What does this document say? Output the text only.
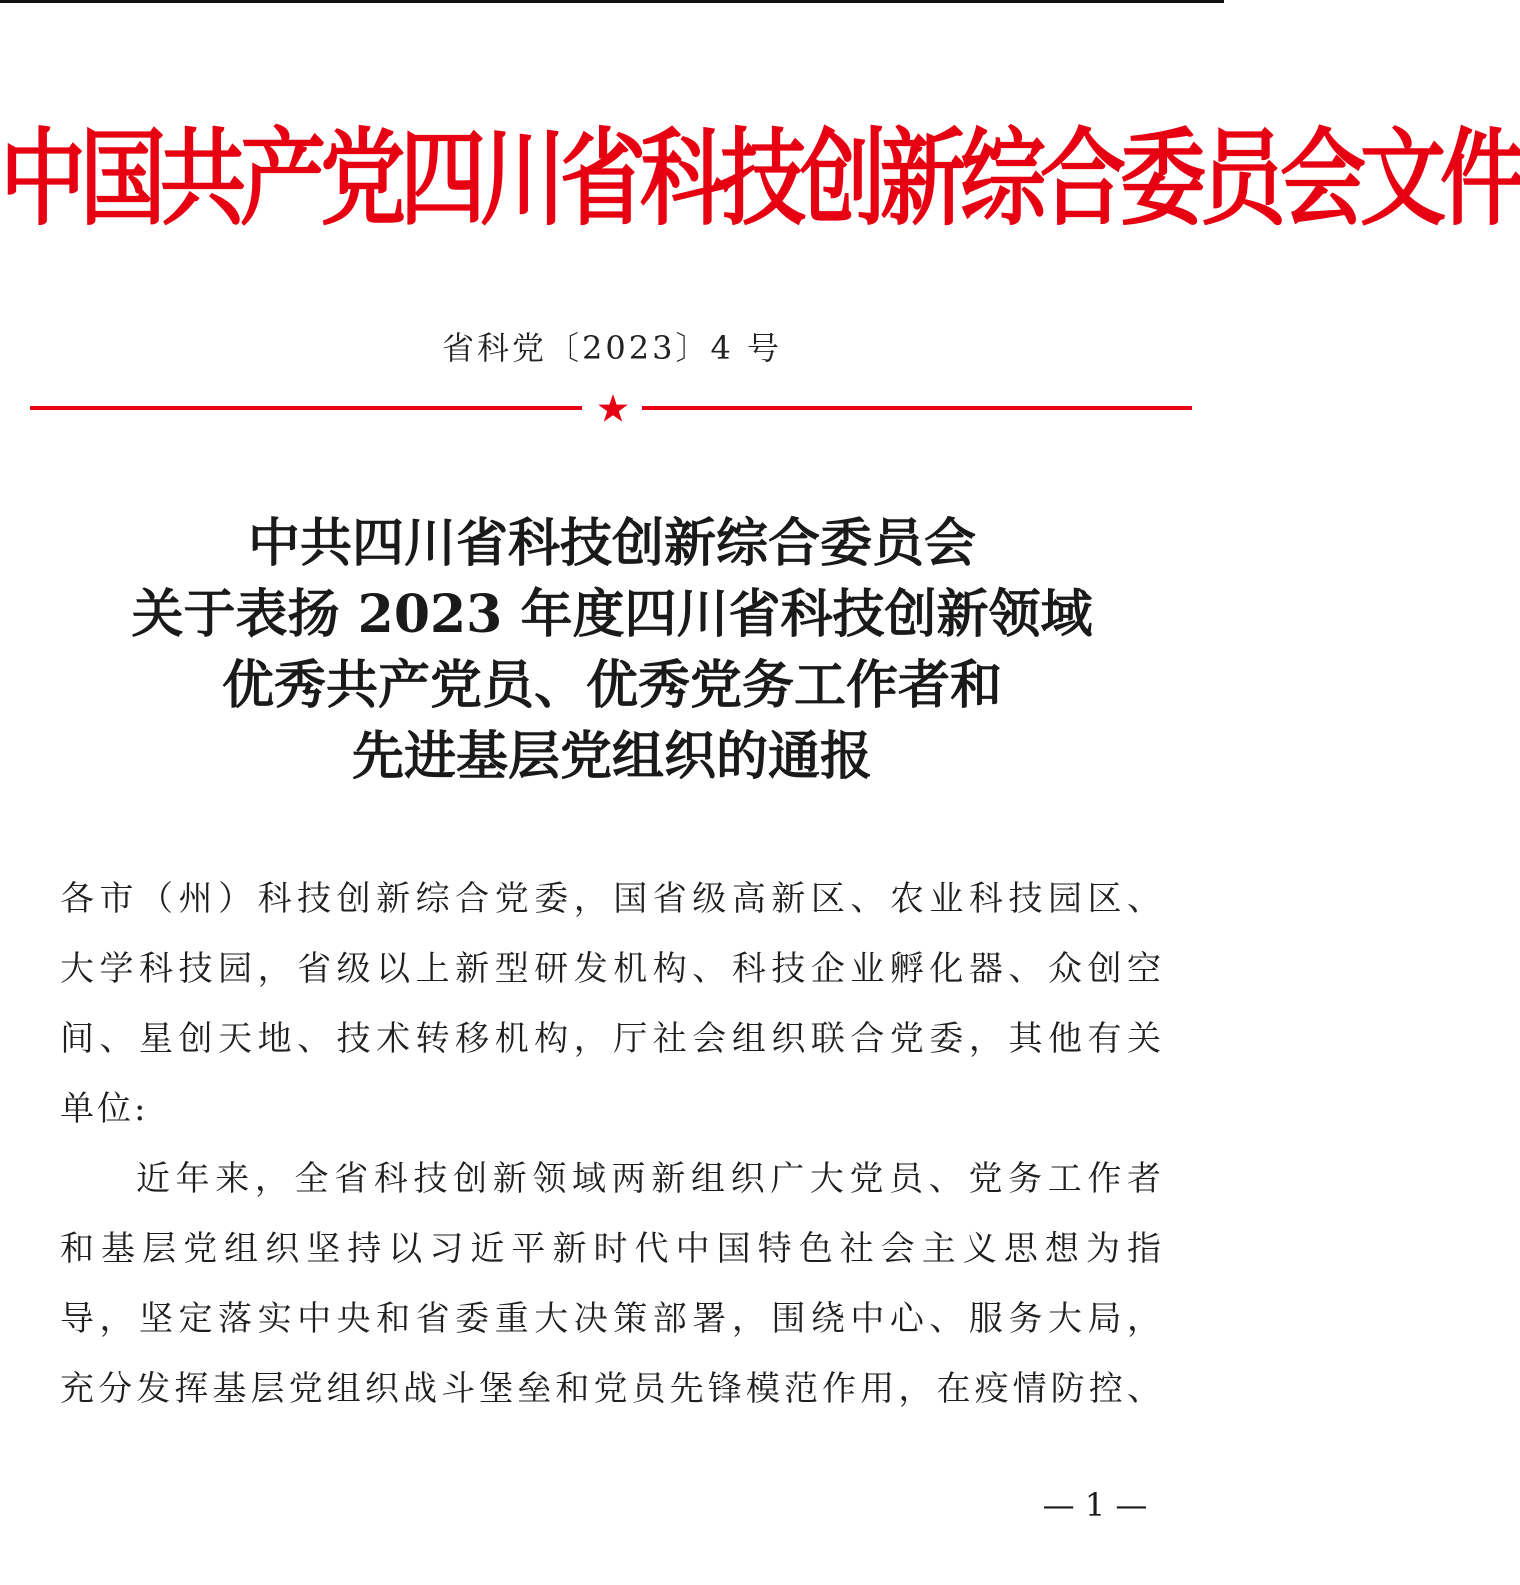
中国共产党四川省科技创新综合委员会文件
省科党〔2023〕4 号
中共四川省科技创新综合委员会
关于表扬 2023 年度四川省科技创新领域
优秀共产党员、优秀党务工作者和
先进基层党组织的通报
各市（州）科技创新综合党委，国省级高新区、农业科技园区、
大学科技园，省级以上新型研发机构、科技企业孵化器、众创空
间、星创天地、技术转移机构，厅社会组织联合党委，其他有关
单位:
近年来，全省科技创新领域两新组织广大党员、党务工作者
和基层党组织坚持以习近平新时代中国特色社会主义思想为指
导，坚定落实中央和省委重大决策部署，围绕中心、服务大局，
充分发挥基层党组织战斗堡垒和党员先锋模范作用，在疫情防控、
— 1 —
